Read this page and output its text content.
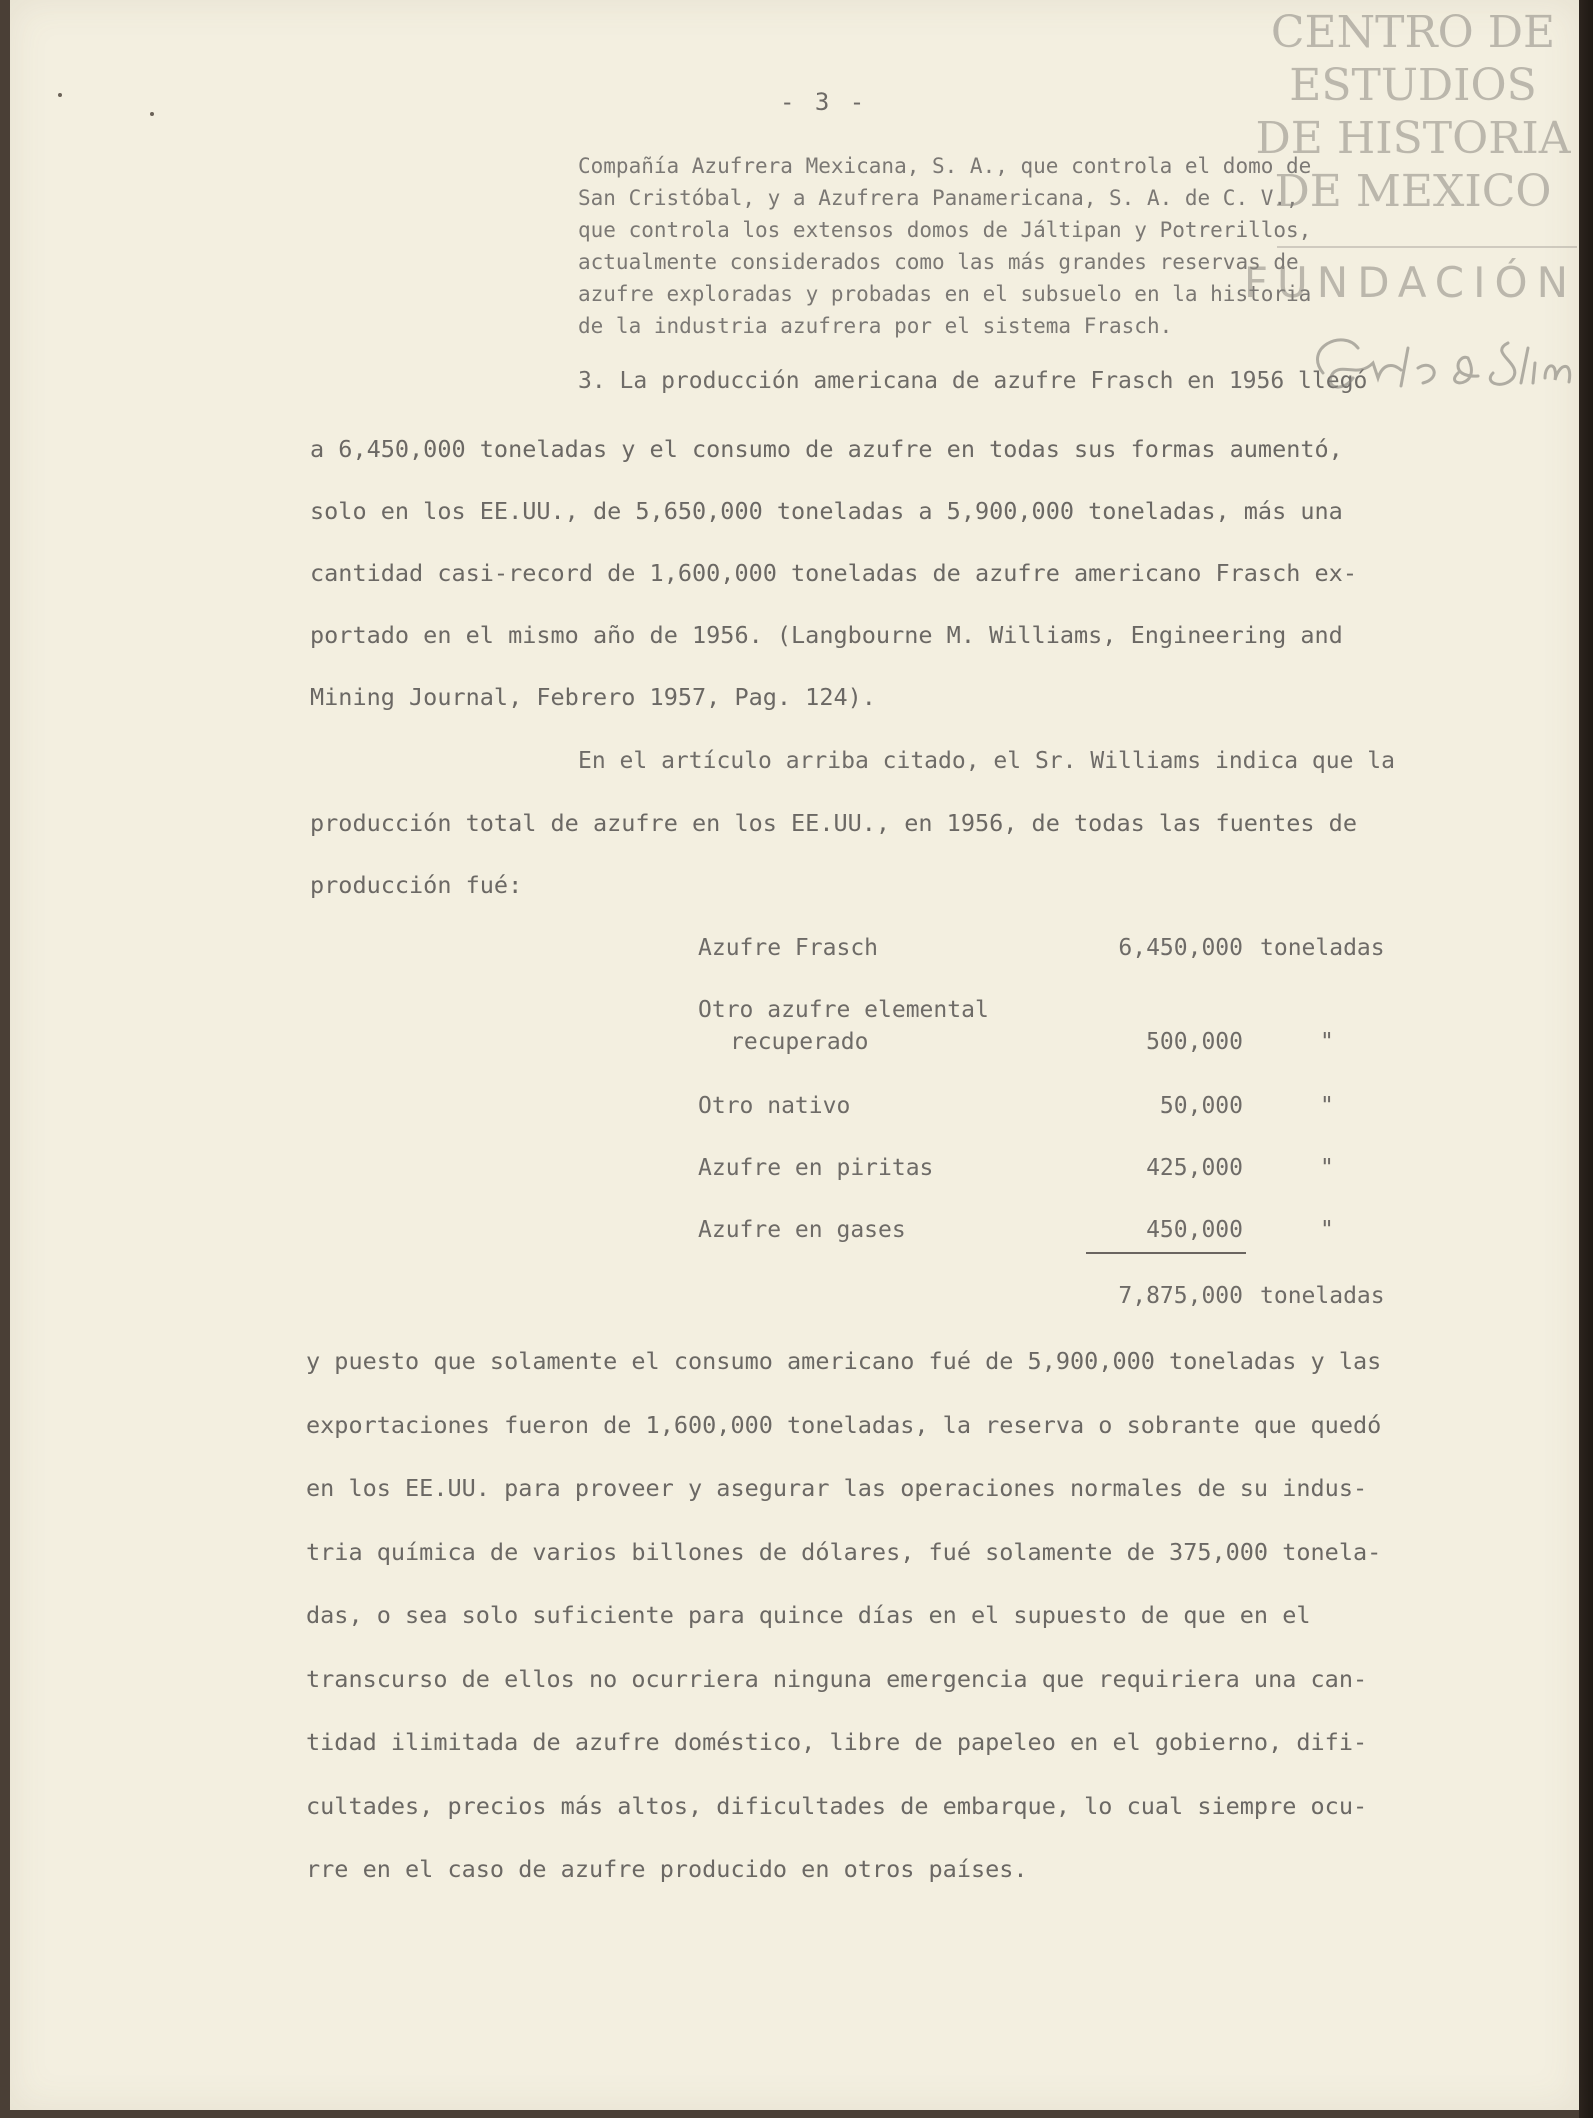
- 3 -
Compañía Azufrera Mexicana, S. A., que controla el domo de
San Cristóbal, y a Azufrera Panamericana, S. A. de C. V.,
que controla los extensos domos de Jáltipan y Potrerillos,
actualmente considerados como las más grandes reservas de
azufre exploradas y probadas en el subsuelo en la historia
de la industria azufrera por el sistema Frasch.
3. La producción americana de azufre Frasch en 1956 llegó
a 6,450,000 toneladas y el consumo de azufre en todas sus formas aumentó,
solo en los EE.UU., de 5,650,000 toneladas a 5,900,000 toneladas, más una
cantidad casi-record de 1,600,000 toneladas de azufre americano Frasch ex-
portado en el mismo año de 1956. (Langbourne M. Williams, Engineering and
Mining Journal, Febrero 1957, Pag. 124).
En el artículo arriba citado, el Sr. Williams indica que la
producción total de azufre en los EE.UU., en 1956, de todas las fuentes de
producción fué:
Azufre Frasch	6,450,000 toneladas
Otro azufre elemental
recuperado	500,000	"
Otro nativo	50,000	"
Azufre en piritas	425,000	"
Azufre en gases	450,000	"
7,875,000 toneladas
y puesto que solamente el consumo americano fué de 5,900,000 toneladas y las
exportaciones fueron de 1,600,000 toneladas, la reserva o sobrante que quedó
en los EE.UU. para proveer y asegurar las operaciones normales de su indus-
tria química de varios billones de dólares, fué solamente de 375,000 tonela-
das, o sea solo suficiente para quince días en el supuesto de que en el
transcurso de ellos no ocurriera ninguna emergencia que requiriera una can-
tidad ilimitada de azufre doméstico, libre de papeleo en el gobierno, difi-
cultades, precios más altos, dificultades de embarque, lo cual siempre ocu-
rre en el caso de azufre producido en otros países.
CENTRO DE
ESTUDIOS
DE HISTORIA
DE MEXICO
FUNDACIÓN
